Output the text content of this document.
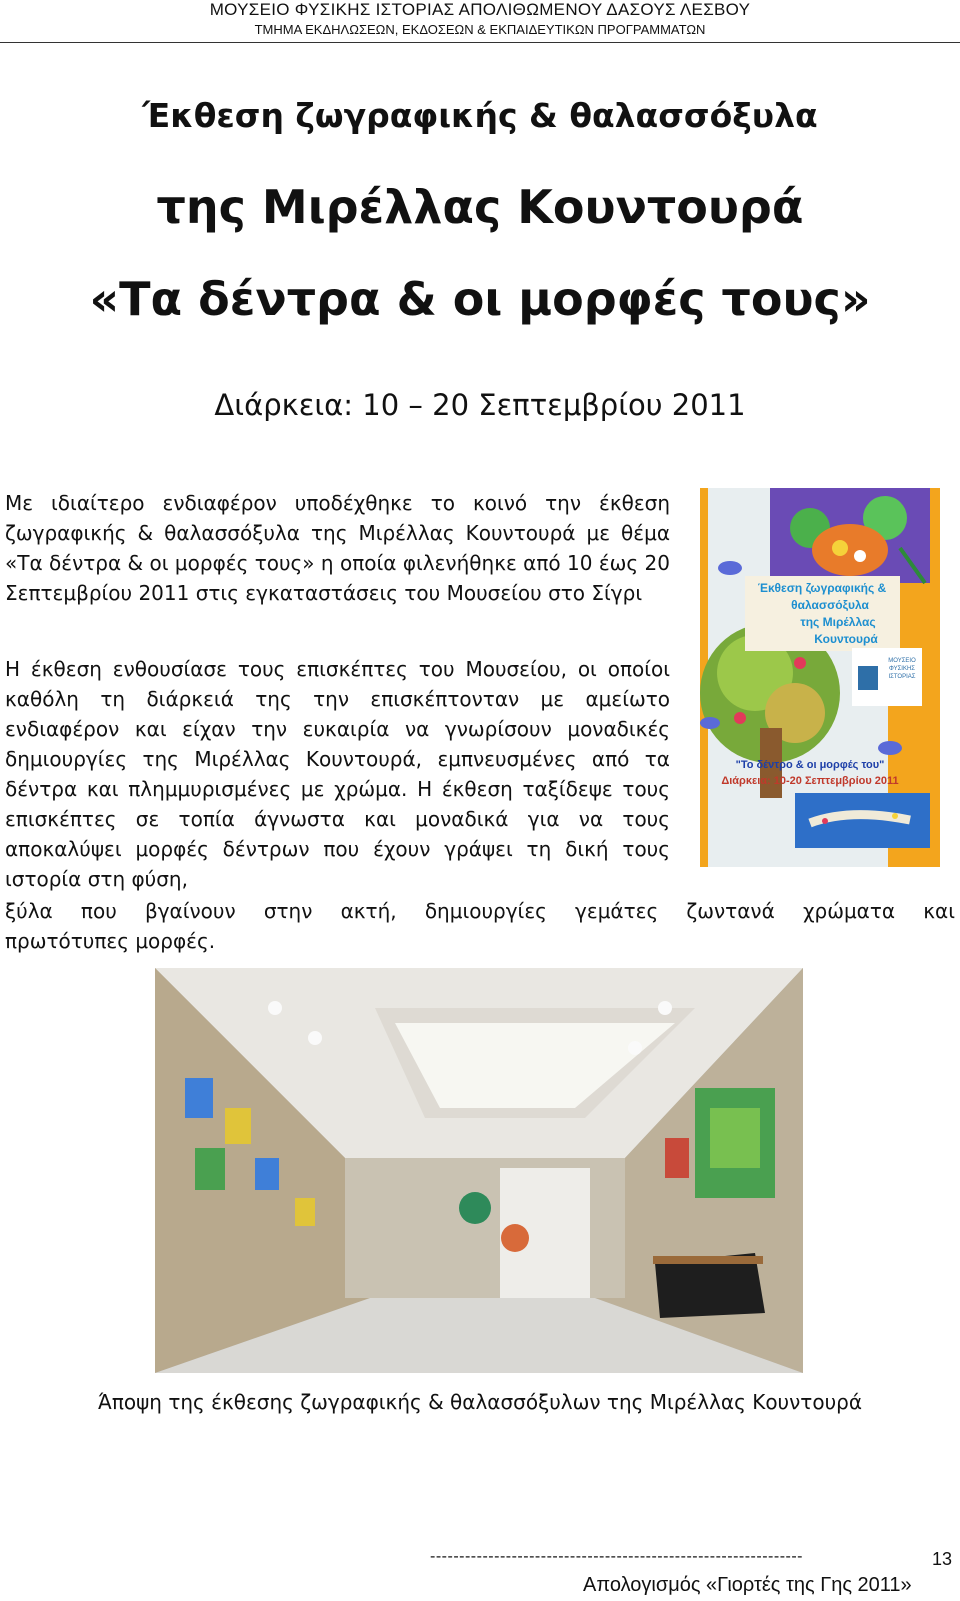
ΜΟΥΣΕΙΟ ΦΥΣΙΚΗΣ ΙΣΤΟΡΙΑΣ ΑΠΟΛΙΘΩΜΕΝΟΥ ΔΑΣΟΥΣ ΛΕΣΒΟΥ
ΤΜΗΜΑ ΕΚΔΗΛΩΣΕΩΝ, ΕΚΔΟΣΕΩΝ & ΕΚΠΑΙΔΕΥΤΙΚΩΝ ΠΡΟΓΡΑΜΜΑΤΩΝ
Έκθεση ζωγραφικής & θαλασσόξυλα
της Μιρέλλας Κουντουρά
«Τα δέντρα & οι μορφές τους»
Διάρκεια: 10 – 20 Σεπτεμβρίου 2011
Με ιδιαίτερο ενδιαφέρον υποδέχθηκε το κοινό την έκθεση ζωγραφικής & θαλασσόξυλα της Μιρέλλας Κουντουρά με θέμα «Τα δέντρα & οι μορφές τους» η οποία φιλενήθηκε από 10 έως 20 Σεπτεμβρίου 2011 στις εγκαταστάσεις του Μουσείου στο Σίγρι
Η έκθεση ενθουσίασε τους επισκέπτες του Μουσείου, οι οποίοι καθόλη τη διάρκειά της την επισκέπτονταν με αμείωτο ενδιαφέρον και είχαν την ευκαιρία να γνωρίσουν μοναδικές δημιουργίες της Μιρέλλας Κουντουρά, εμπνευσμένες από τα δέντρα και πλημμυρισμένες με χρώμα. Η έκθεση ταξίδεψε τους επισκέπτες σε τοπία άγνωστα και μοναδικά για να τους αποκαλύψει μορφές δέντρων που έχουν γράψει τη δική τους ιστορία στη φύση,
ξύλα που βγαίνουν στην ακτή, δημιουργίες γεμάτες ζωντανά χρώματα και
πρωτότυπες μορφές.
Έκθεση ζωγραφικής &
θαλασσόξυλα
της Μιρέλλας
Κουντουρά
ΜΟΥΣΕΙΟ
ΦΥΣΙΚΗΣ
ΙΣΤΟΡΙΑΣ
"Το δέντρο & οι μορφές του"
Διάρκεια: 10-20 Σεπτεμβρίου 2011
Άποψη της έκθεσης ζωγραφικής & θαλασσόξυλων της Μιρέλλας Κουντουρά
----------------------------------------------------------------	13
Απολογισμός «Γιορτές της Γης 2011»
